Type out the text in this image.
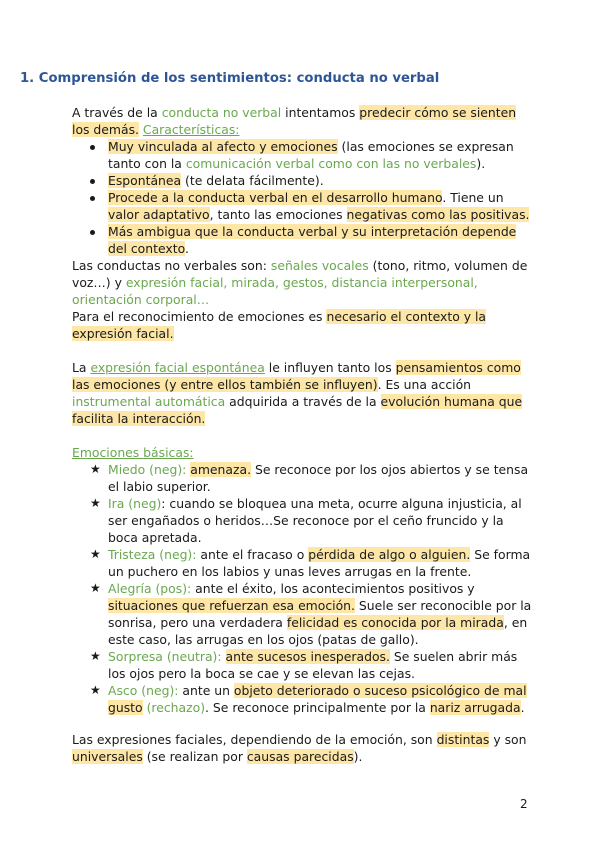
1. Comprensión de los sentimientos: conducta no verbal

A través de la conducta no verbal intentamos predecir cómo se sienten los demás. Características:

Muy vinculada al afecto y emociones (las emociones se expresan tanto con la comunicación verbal como con las no verbales).
Espontánea (te delata fácilmente).
Procede a la conducta verbal en el desarrollo humano. Tiene un valor adaptativo, tanto las emociones negativas como las positivas.
Más ambigua que la conducta verbal y su interpretación depende del contexto.

Las conductas no verbales son: señales vocales (tono, ritmo, volumen de voz…) y expresión facial, mirada, gestos, distancia interpersonal, orientación corporal…

Para el reconocimiento de emociones es necesario el contexto y la expresión facial.

La expresión facial espontánea le influyen tanto los pensamientos como las emociones (y entre ellos también se influyen). Es una acción instrumental automática adquirida a través de la evolución humana que facilita la interacción.

Emociones básicas:

★ Miedo (neg): amenaza. Se reconoce por los ojos abiertos y se tensa el labio superior.
★ Ira (neg): cuando se bloquea una meta, ocurre alguna injusticia, al ser engañados o heridos…Se reconoce por el ceño fruncido y la boca apretada.
★ Tristeza (neg): ante el fracaso o pérdida de algo o alguien. Se forma un puchero en los labios y unas leves arrugas en la frente.
★ Alegría (pos): ante el éxito, los acontecimientos positivos y situaciones que refuerzan esa emoción. Suele ser reconocible por la sonrisa, pero una verdadera felicidad es conocida por la mirada, en este caso, las arrugas en los ojos (patas de gallo).
★ Sorpresa (neutra): ante sucesos inesperados. Se suelen abrir más los ojos pero la boca se cae y se elevan las cejas.
★ Asco (neg): ante un objeto deteriorado o suceso psicológico de mal gusto (rechazo). Se reconoce principalmente por la nariz arrugada.

Las expresiones faciales, dependiendo de la emoción, son distintas y son universales (se realizan por causas parecidas).

2
